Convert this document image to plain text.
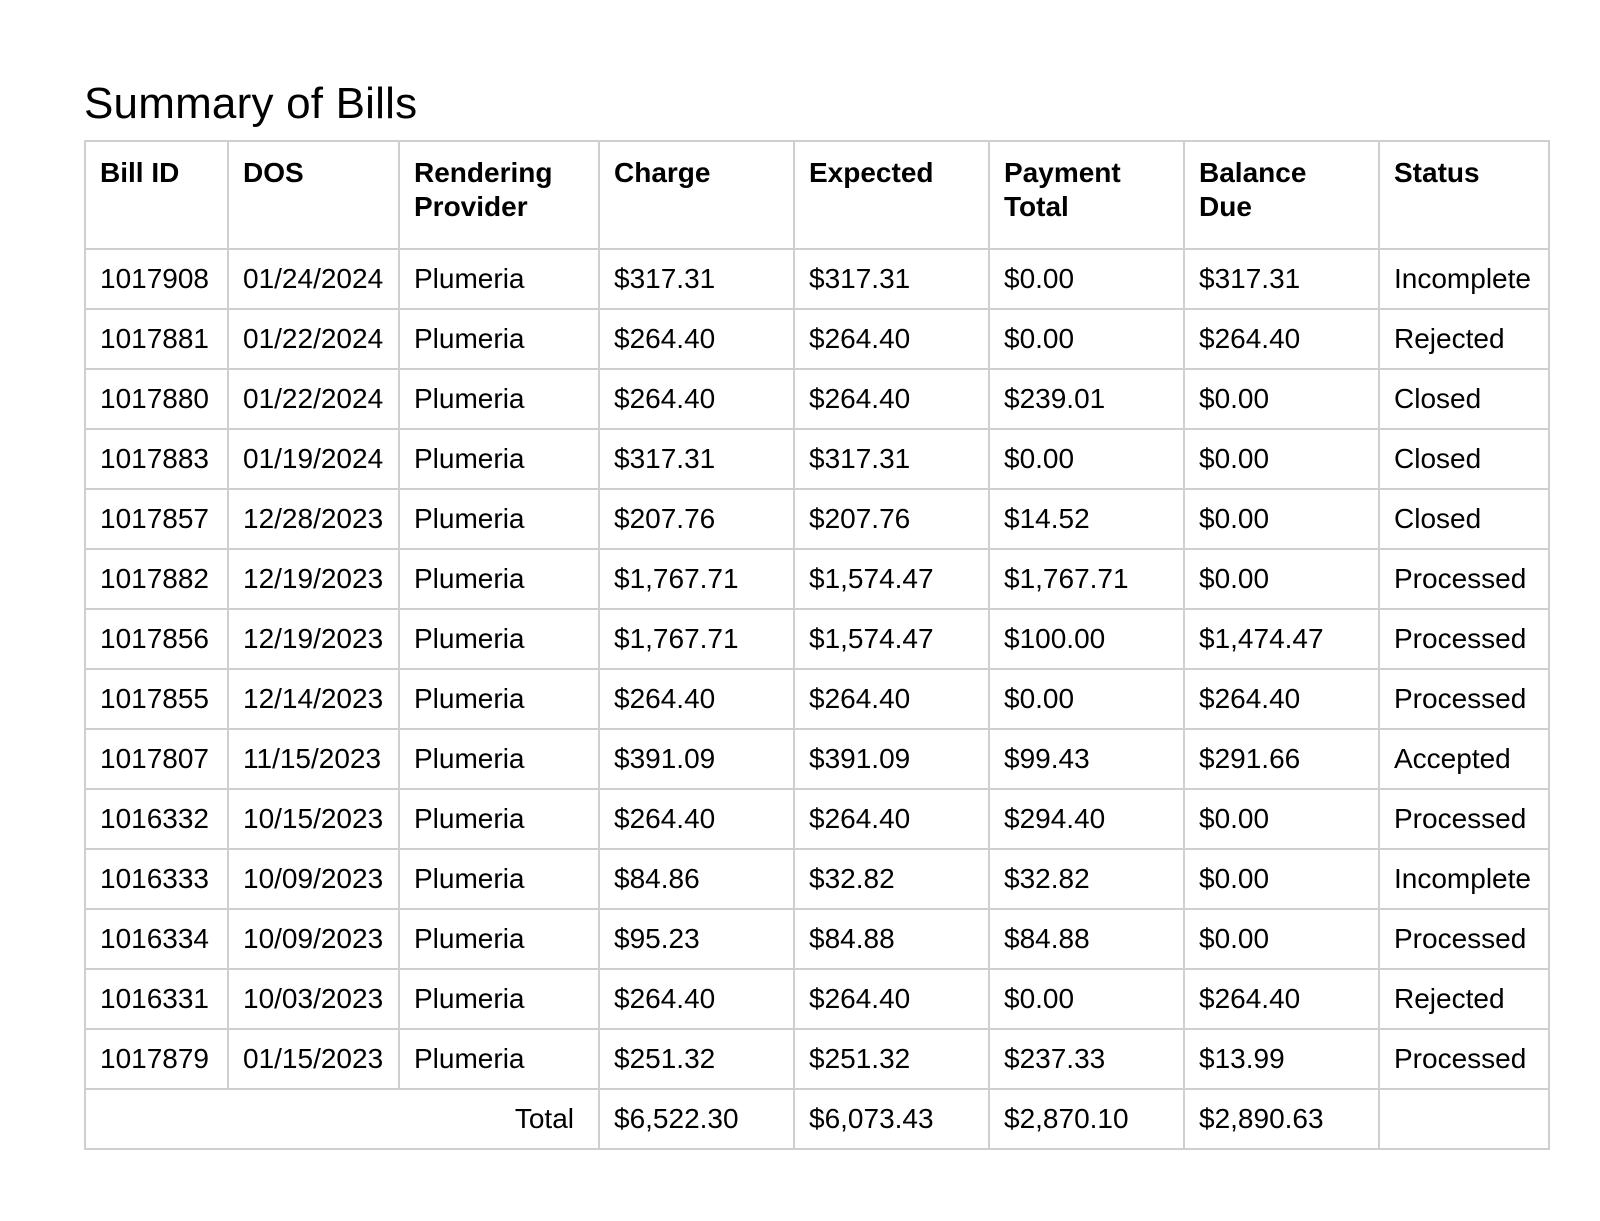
Summary of Bills
Bill ID	DOS	Rendering Provider	Charge	Expected	Payment Total	Balance Due	Status
1017908	01/24/2024	Plumeria	$317.31	$317.31	$0.00	$317.31	Incomplete
1017881	01/22/2024	Plumeria	$264.40	$264.40	$0.00	$264.40	Rejected
1017880	01/22/2024	Plumeria	$264.40	$264.40	$239.01	$0.00	Closed
1017883	01/19/2024	Plumeria	$317.31	$317.31	$0.00	$0.00	Closed
1017857	12/28/2023	Plumeria	$207.76	$207.76	$14.52	$0.00	Closed
1017882	12/19/2023	Plumeria	$1,767.71	$1,574.47	$1,767.71	$0.00	Processed
1017856	12/19/2023	Plumeria	$1,767.71	$1,574.47	$100.00	$1,474.47	Processed
1017855	12/14/2023	Plumeria	$264.40	$264.40	$0.00	$264.40	Processed
1017807	11/15/2023	Plumeria	$391.09	$391.09	$99.43	$291.66	Accepted
1016332	10/15/2023	Plumeria	$264.40	$264.40	$294.40	$0.00	Processed
1016333	10/09/2023	Plumeria	$84.86	$32.82	$32.82	$0.00	Incomplete
1016334	10/09/2023	Plumeria	$95.23	$84.88	$84.88	$0.00	Processed
1016331	10/03/2023	Plumeria	$264.40	$264.40	$0.00	$264.40	Rejected
1017879	01/15/2023	Plumeria	$251.32	$251.32	$237.33	$13.99	Processed
Total			$6,522.30	$6,073.43	$2,870.10	$2,890.63	
